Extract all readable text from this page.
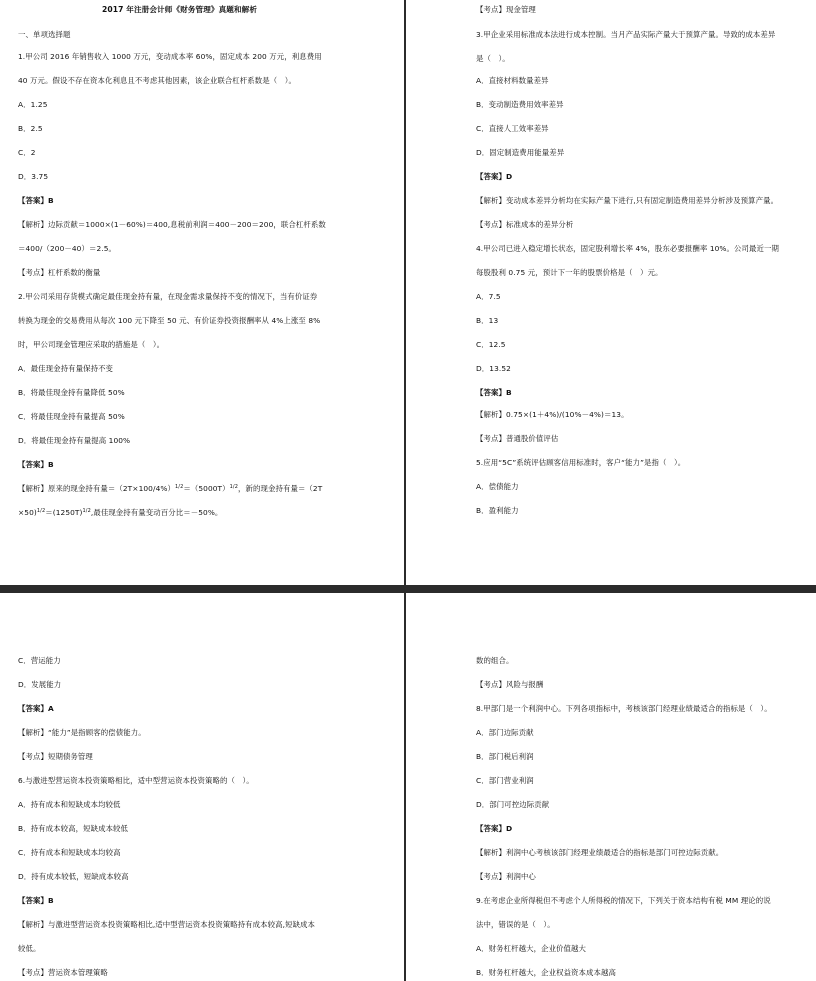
2017 年注册会计师《财务管理》真题和解析
一、单项选择题
1.甲公司 2016 年销售收入 1000 万元，变动成本率 60%，固定成本 200 万元，利息费用
40 万元。假设不存在资本化利息且不考虑其他因素，该企业联合杠杆系数是（　）。
A．1.25
B．2.5
C．2
D．3.75
【答案】B
【解析】边际贡献＝1000×(1－60%)＝400,息税前利润＝400－200＝200，联合杠杆系数
＝400/（200－40）＝2.5。
【考点】杠杆系数的衡量
2.甲公司采用存货模式确定最佳现金持有量，在现金需求量保持不变的情况下，当有价证券
转换为现金的交易费用从每次 100 元下降至 50 元、有价证券投资报酬率从 4%上涨至 8%
时，甲公司现金管理应采取的措施是（　）。
A．最佳现金持有量保持不变
B．将最佳现金持有量降低 50%
C．将最佳现金持有量提高 50%
D．将最佳现金持有量提高 100%
【答案】B
【解析】原来的现金持有量$=(2T\times 100/4\%)^{1/2}=(5000T)^{1/2}$，新的现金持有量＝（2T
$\times 50)^{1/2}=(1250T)^{1/2}$,最佳现金持有量变动百分比＝－50%。
【考点】现金管理
3.甲企业采用标准成本法进行成本控制。当月产品实际产量大于预算产量。导致的成本差异
是（　）。
A．直接材料数量差异
B．变动制造费用效率差异
C．直接人工效率差异
D．固定制造费用能量差异
【答案】D
【解析】变动成本差异分析均在实际产量下进行,只有固定制造费用差异分析涉及预算产量。
【考点】标准成本的差异分析
4.甲公司已进入稳定增长状态，固定股利增长率 4%，股东必要报酬率 10%。公司最近一期
每股股利 0.75 元，预计下一年的股票价格是（　）元。
A．7.5
B．13
C．12.5
D．13.52
【答案】B
【解析】0.75×(1＋4%)/(10%－4%)＝13。
【考点】普通股价值评估
5.应用“5C”系统评估顾客信用标准时，客户“能力”是指（　）。
A．偿债能力
B．盈利能力
C．营运能力
D．发展能力
【答案】A
【解析】“能力”是指顾客的偿债能力。
【考点】短期债务管理
6.与激进型营运资本投资策略相比，适中型营运资本投资策略的（　）。
A．持有成本和短缺成本均较低
B．持有成本较高，短缺成本较低
C．持有成本和短缺成本均较高
D．持有成本较低，短缺成本较高
【答案】B
【解析】与激进型营运资本投资策略相比,适中型营运资本投资策略持有成本较高,短缺成本
较低。
【考点】营运资本管理策略
数的组合。
【考点】风险与报酬
8.甲部门是一个利润中心。下列各项指标中，考核该部门经理业绩最适合的指标是（　）。
A．部门边际贡献
B．部门税后利润
C．部门营业利润
D．部门可控边际贡献
【答案】D
【解析】利润中心考核该部门经理业绩最适合的指标是部门可控边际贡献。
【考点】利润中心
9.在考虑企业所得税但不考虑个人所得税的情况下，下列关于资本结构有税 MM 理论的说
法中，错误的是（　）。
A．财务杠杆越大，企业价值越大
B．财务杠杆越大，企业权益资本成本越高
